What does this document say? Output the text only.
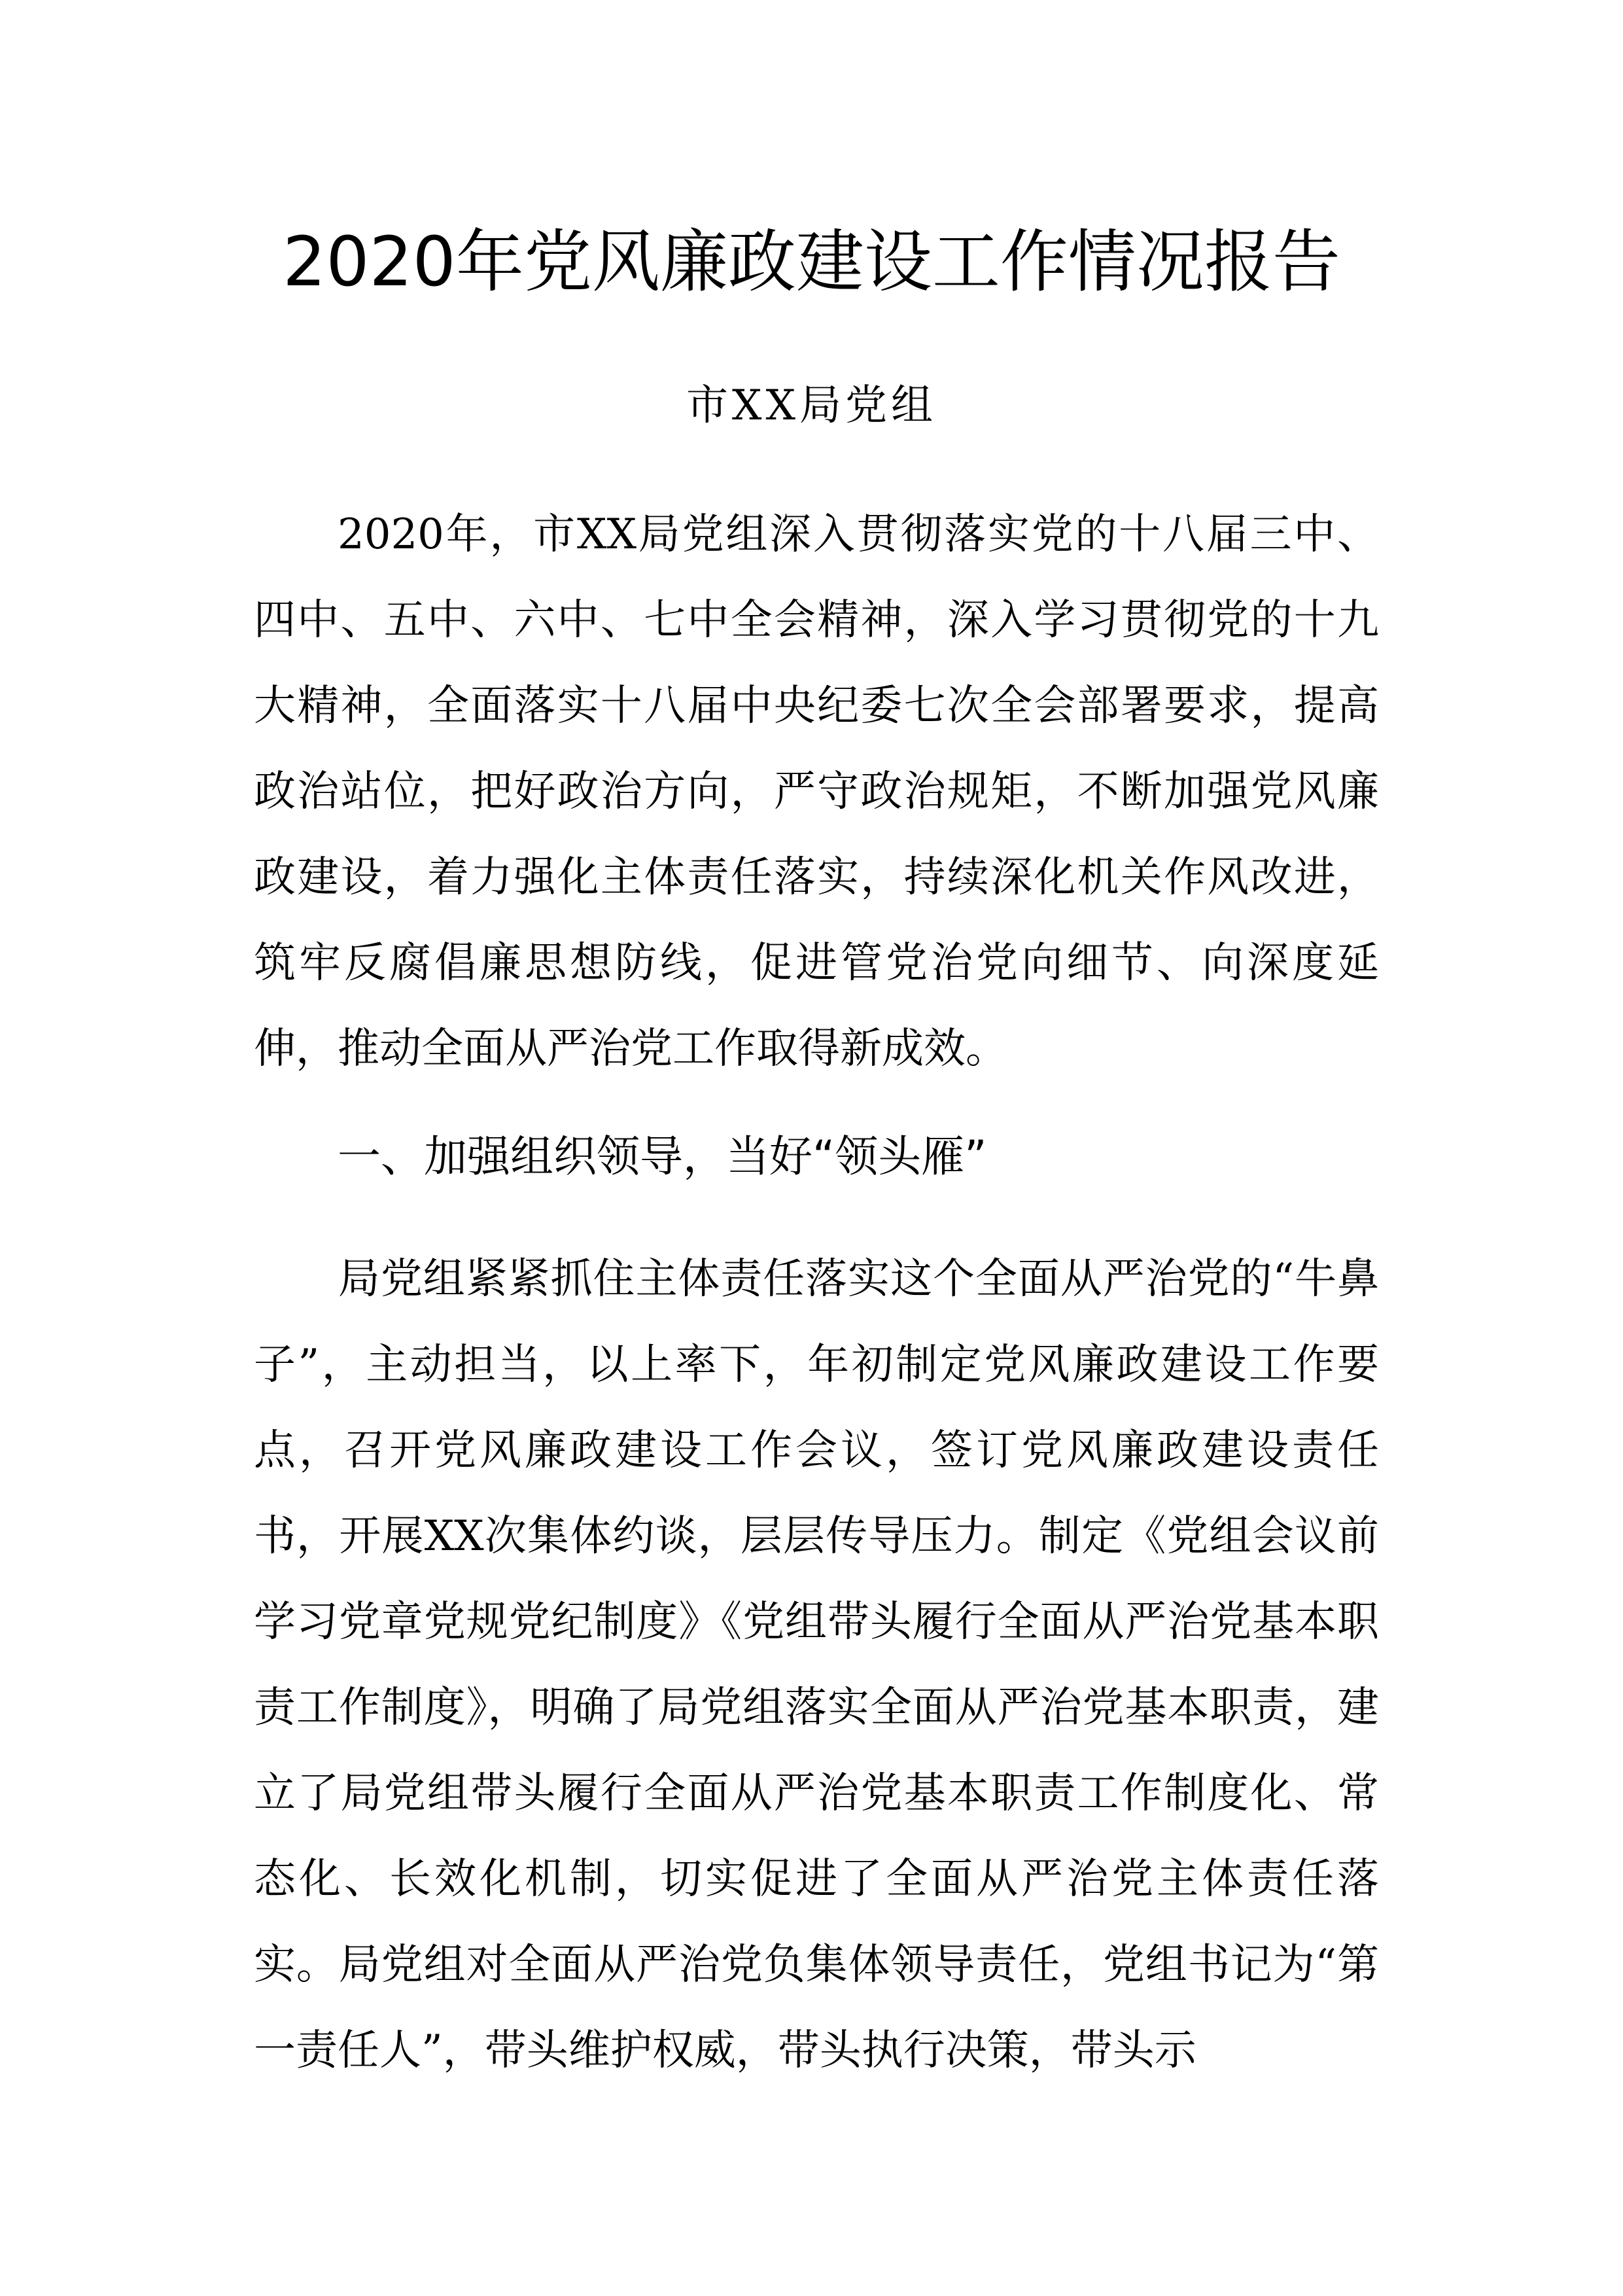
2020年党风廉政建设工作情况报告
市XX局党组

2020年，市XX局党组深入贯彻落实党的十八届三中、四中、五中、六中、七中全会精神，深入学习贯彻党的十九大精神，全面落实十八届中央纪委七次全会部署要求，提高政治站位，把好政治方向，严守政治规矩，不断加强党风廉政建设，着力强化主体责任落实，持续深化机关作风改进，筑牢反腐倡廉思想防线，促进管党治党向细节、向深度延伸，推动全面从严治党工作取得新成效。

一、加强组织领导，当好“领头雁”

局党组紧紧抓住主体责任落实这个全面从严治党的“牛鼻子”，主动担当，以上率下，年初制定党风廉政建设工作要点，召开党风廉政建设工作会议，签订党风廉政建设责任书，开展XX次集体约谈，层层传导压力。制定《党组会议前学习党章党规党纪制度》《党组带头履行全面从严治党基本职责工作制度》，明确了局党组落实全面从严治党基本职责，建立了局党组带头履行全面从严治党基本职责工作制度化、常态化、长效化机制，切实促进了全面从严治党主体责任落实。局党组对全面从严治党负集体领导责任，党组书记为“第一责任人”，带头维护权威，带头执行决策，带头示
